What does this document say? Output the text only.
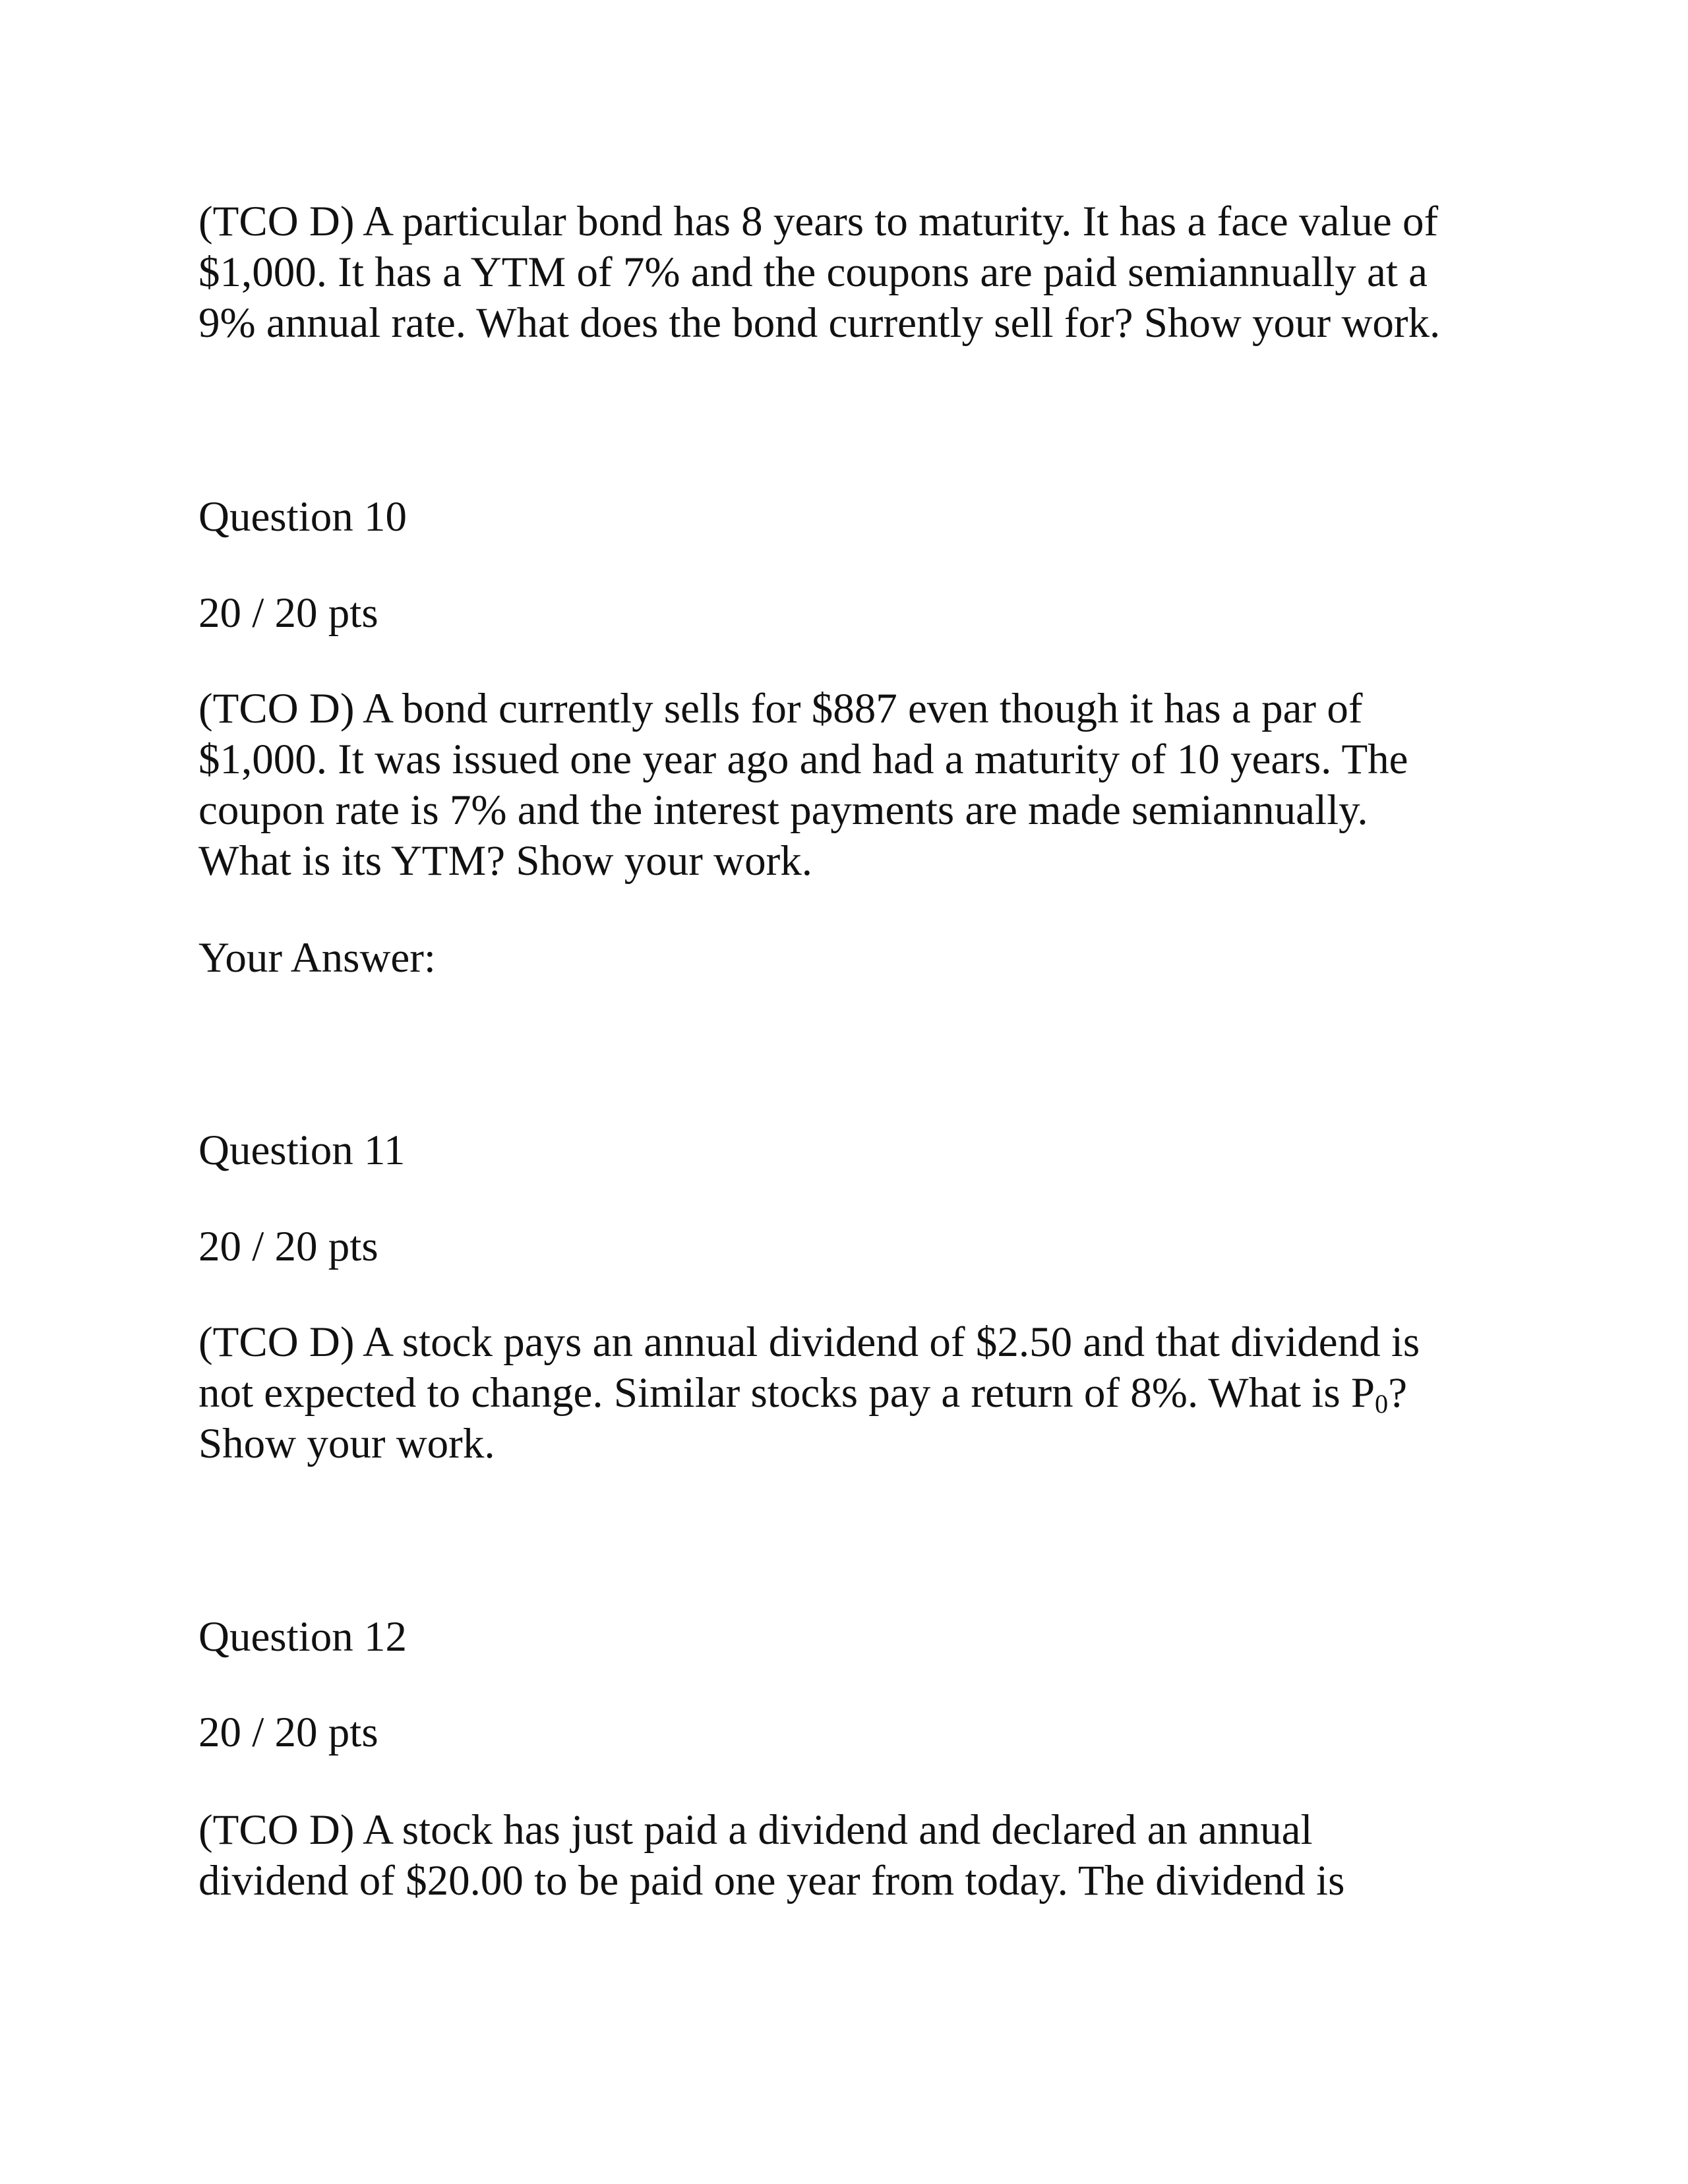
(TCO D) A particular bond has 8 years to maturity. It has a face value of
$1,000. It has a YTM of 7% and the coupons are paid semiannually at a
9% annual rate. What does the bond currently sell for? Show your work.
Question 10
20 / 20 pts
(TCO D) A bond currently sells for $887 even though it has a par of
$1,000. It was issued one year ago and had a maturity of 10 years. The
coupon rate is 7% and the interest payments are made semiannually.
What is its YTM? Show your work.
Your Answer:
Question 11
20 / 20 pts
(TCO D) A stock pays an annual dividend of $2.50 and that dividend is
not expected to change. Similar stocks pay a return of 8%. What is $P_0$?
Show your work.
Question 12
20 / 20 pts
(TCO D) A stock has just paid a dividend and declared an annual
dividend of $20.00 to be paid one year from today. The dividend is
